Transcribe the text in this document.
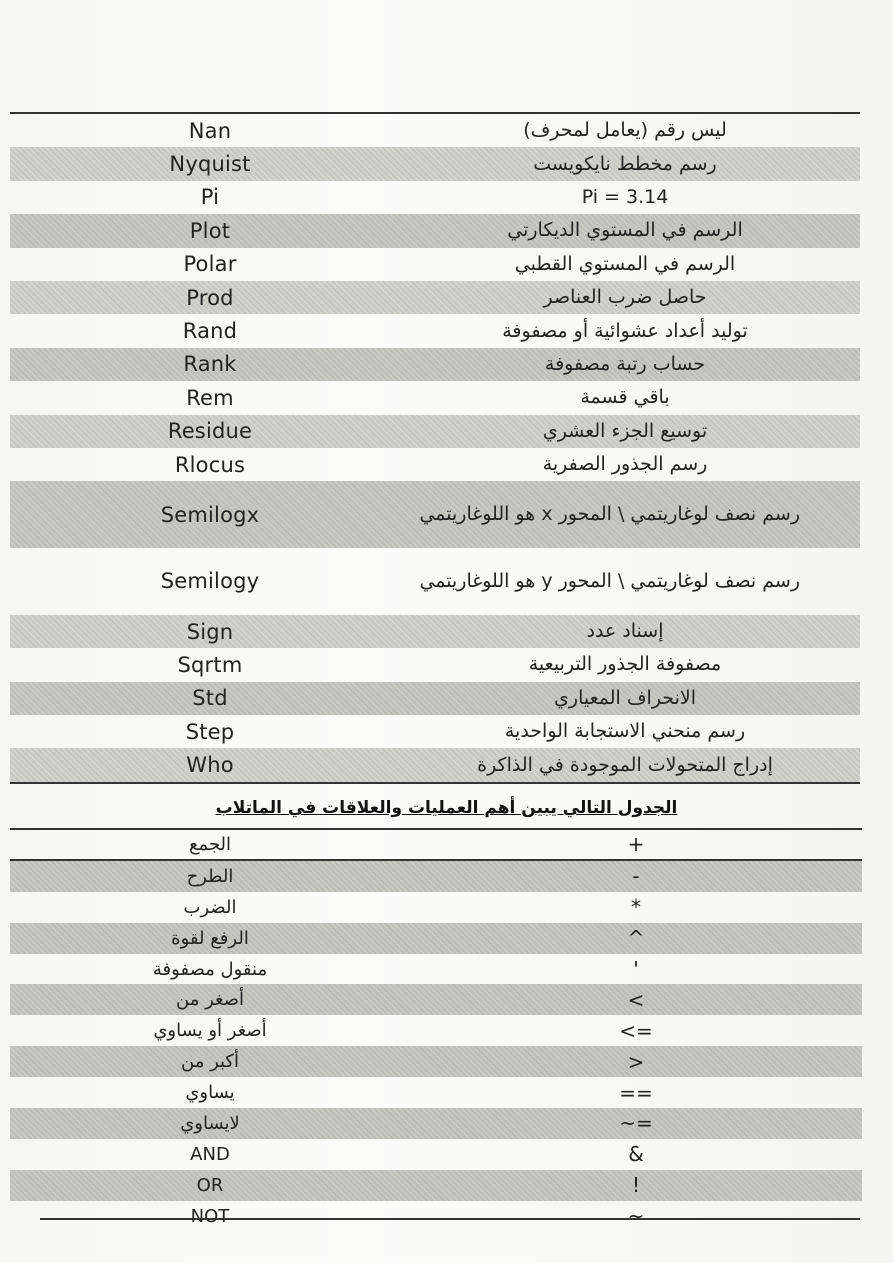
Nan	ليس رقم (يعامل لمحرف)
Nyquist	رسم مخطط نايكويست
Pi	Pi = 3.14
Plot	الرسم في المستوي الديكارتي
Polar	الرسم في المستوي القطبي
Prod	حاصل ضرب العناصر
Rand	توليد أعداد عشوائية أو مصفوفة
Rank	حساب رتبة مصفوفة
Rem	باقي قسمة
Residue	توسيع الجزء العشري
Rlocus	رسم الجذور الصفرية
Semilogx	رسم نصف لوغاريتمي \ المحور x هو اللوغاريتمي
Semilogy	رسم نصف لوغاريتمي \ المحور y هو اللوغاريتمي
Sign	إسناد عدد
Sqrtm	مصفوفة الجذور التربيعية
Std	الانحراف المعياري
Step	رسم منحني الاستجابة الواحدية
Who	إدراج المتحولات الموجودة في الذاكرة
الجدول التالي يبين أهم العمليات والعلاقات في الماتلاب
الجمع	+
الطرح	-
الضرب	*
الرفع لقوة	^
منقول مصفوفة	'
أصغر من	<
أصغر أو يساوي	<=
أكبر من	>
يساوي	==
لايساوي	~=
AND	&
OR	!
NOT	~
